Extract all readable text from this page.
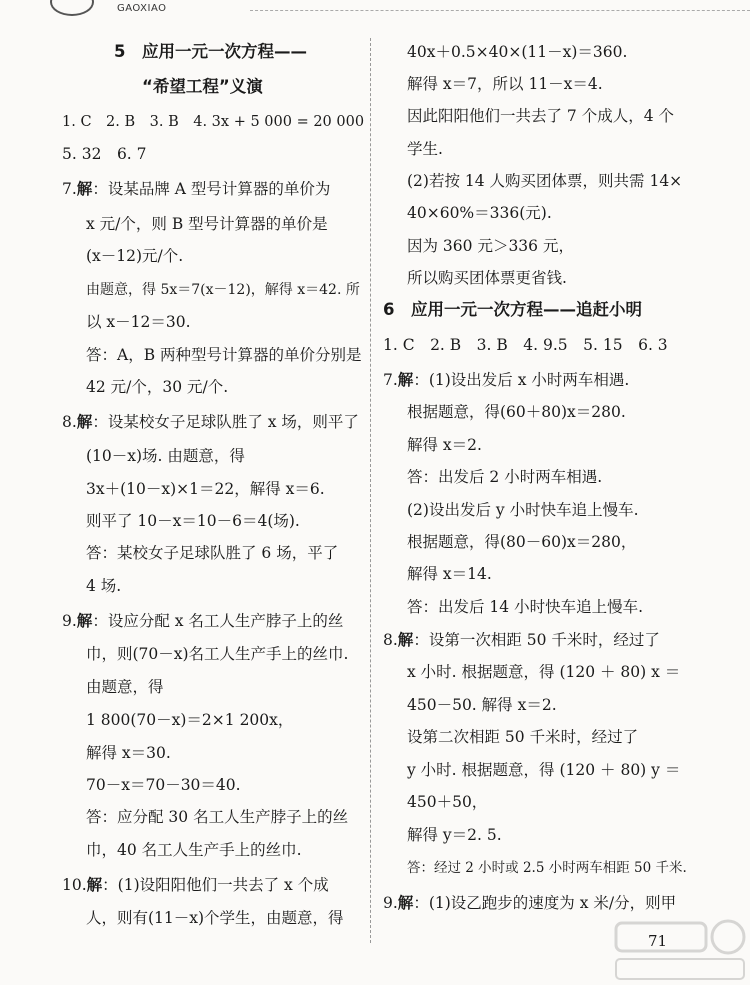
GAOXIAO
5　应用一元一次方程——
“希望工程”义演
1. C　2. B　3. B　4. 3x + 5 000 = 20 000
5. 32　6. 7
7.解：设某品牌 A 型号计算器的单价为
x 元/个，则 B 型号计算器的单价是
(x－12)元/个.
由题意，得 5x＝7(x－12)，解得 x＝42. 所
以 x－12＝30.
答：A，B 两种型号计算器的单价分别是
42 元/个，30 元/个.
8.解：设某校女子足球队胜了 x 场，则平了
(10－x)场. 由题意，得
3x＋(10－x)×1＝22，解得 x＝6.
则平了 10－x＝10－6＝4(场).
答：某校女子足球队胜了 6 场，平了
4 场.
9.解：设应分配 x 名工人生产脖子上的丝
巾，则(70－x)名工人生产手上的丝巾.
由题意，得
1 800(70－x)＝2×1 200x，
解得 x＝30.
70－x＝70－30＝40.
答：应分配 30 名工人生产脖子上的丝
巾，40 名工人生产手上的丝巾.
10.解：(1)设阳阳他们一共去了 x 个成
人，则有(11－x)个学生，由题意，得
40x＋0.5×40×(11－x)＝360.
解得 x＝7，所以 11－x＝4.
因此阳阳他们一共去了 7 个成人，4 个
学生.
(2)若按 14 人购买团体票，则共需 14×
40×60%＝336(元).
因为 360 元＞336 元，
所以购买团体票更省钱.
6　应用一元一次方程——追赶小明
1. C　2. B　3. B　4. 9.5　5. 15　6. 3
7.解：(1)设出发后 x 小时两车相遇.
根据题意，得(60＋80)x＝280.
解得 x＝2.
答：出发后 2 小时两车相遇.
(2)设出发后 y 小时快车追上慢车.
根据题意，得(80－60)x＝280，
解得 x＝14.
答：出发后 14 小时快车追上慢车.
8.解：设第一次相距 50 千米时，经过了
x 小时. 根据题意，得 (120 ＋ 80) x ＝
450－50. 解得 x＝2.
设第二次相距 50 千米时，经过了
y 小时. 根据题意，得 (120 ＋ 80) y ＝
450＋50，
解得 y＝2. 5.
答：经过 2 小时或 2.5 小时两车相距 50 千米.
9.解：(1)设乙跑步的速度为 x 米/分，则甲
71
